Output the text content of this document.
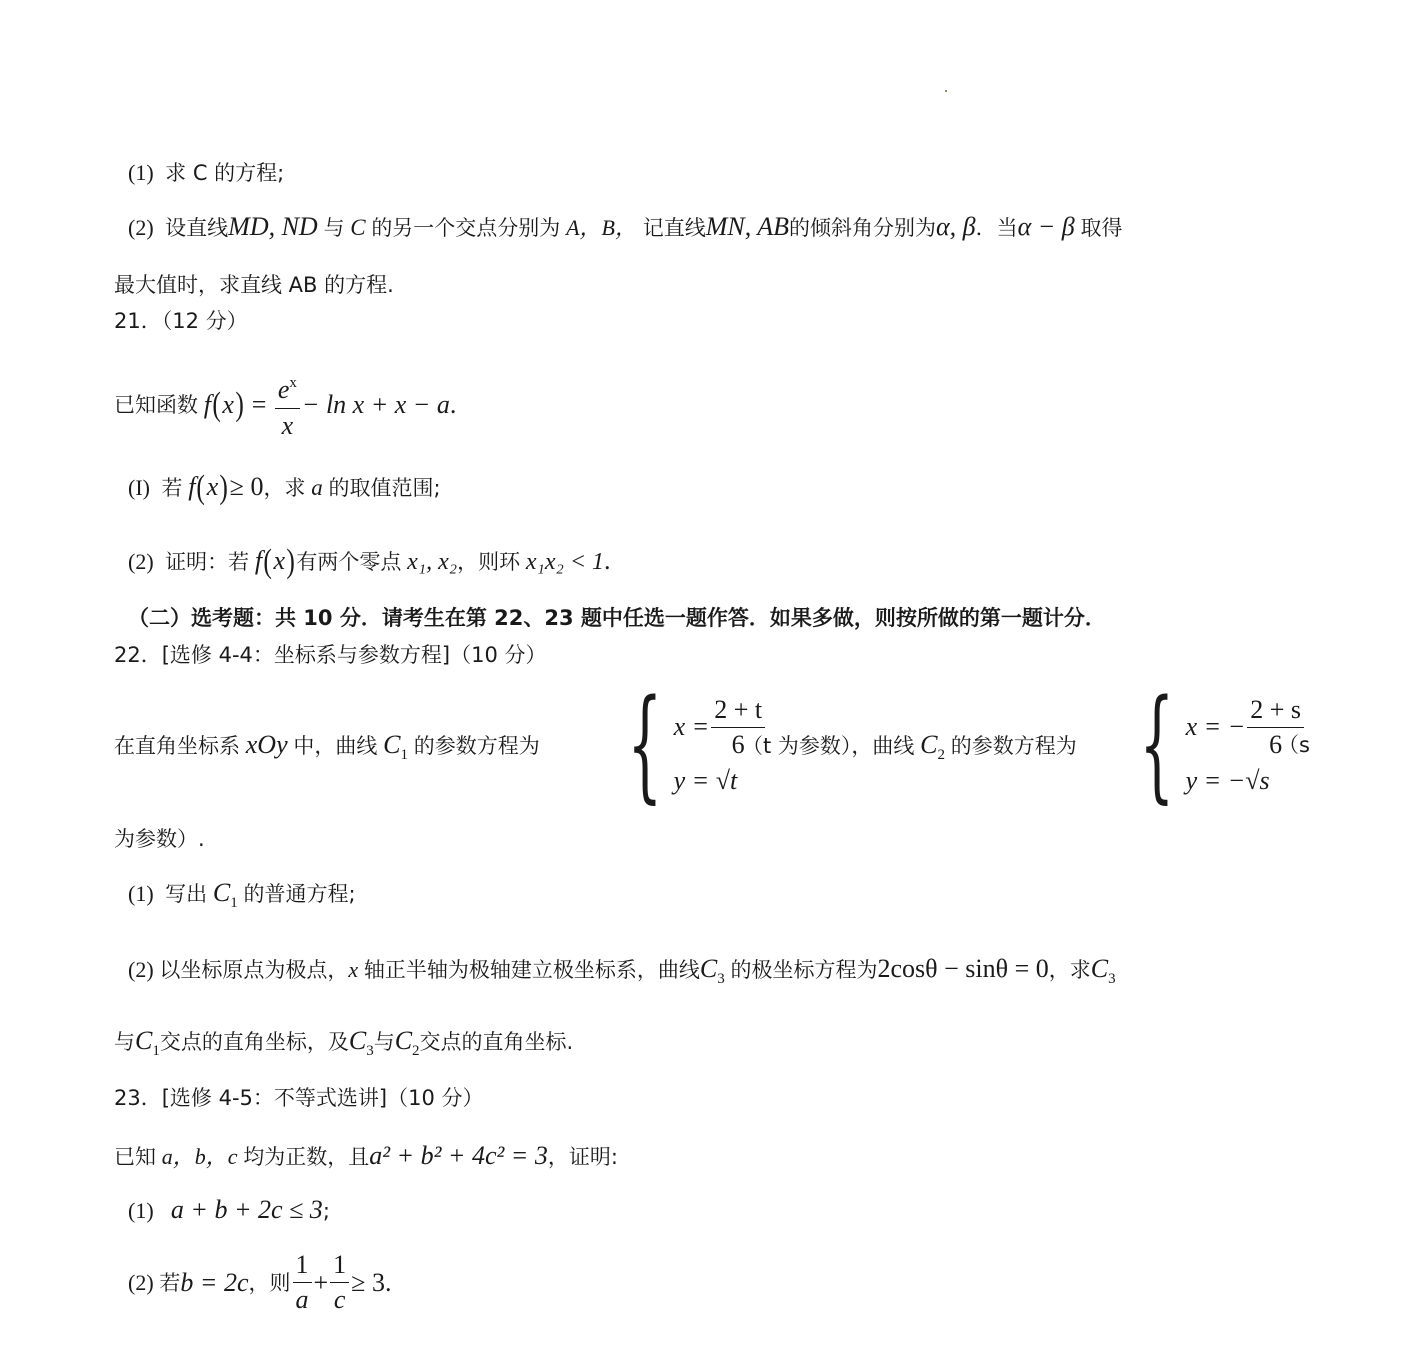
(1) 求 C 的方程;
(2) 设直线MD, ND 与 C 的另一个交点分别为 A，B， 记直线MN, AB的倾斜角分别为α, β．当α − β 取得
最大值时，求直线 AB 的方程.
21．（12 分）
已知函数
f ( x ) = $\frac{e^x}{x} - \ln x + x - a$ .
(I) 若 f(x)≥ 0，求 a 的取值范围;
(2) 证明：若 f(x)有两个零点 x₁, x₂，则环 x₁x₂ < 1.
（二）选考题：共 10 分．请考生在第 22、23 题中任选一题作答．如果多做，则按所做的第一题计分．
22．[选修 4-4：坐标系与参数方程]（10 分）
在直角坐标系 xOy 中，曲线 $C_1$ 的参数方程为 { $x = \frac{2 + t}{6}$
y = √t
（t 为参数），曲线 $C_2$ 的参数方程为 { x = − $\frac{2 + s}{6}$
y = −√s
（s
为参数）.
(1) 写出 $C_1$ 的普通方程;
(2) 以坐标原点为极点，x 轴正半轴为极轴建立极坐标系，曲线$C_3$ 的极坐标方程为2cosθ − sinθ = 0，求$C_3$
与$C_1$交点的直角坐标，及$C_3$与$C_2$交点的直角坐标.
23．[选修 4-5：不等式选讲]（10 分）
已知 a，b，c 均为正数，且a² + b² + 4c² = 3，证明:
(1) a + b + 2c ≤ 3;
(2)
若 b = 2c ，则 $\frac{1}{a} + \frac{1}{c} \ge 3$ .
